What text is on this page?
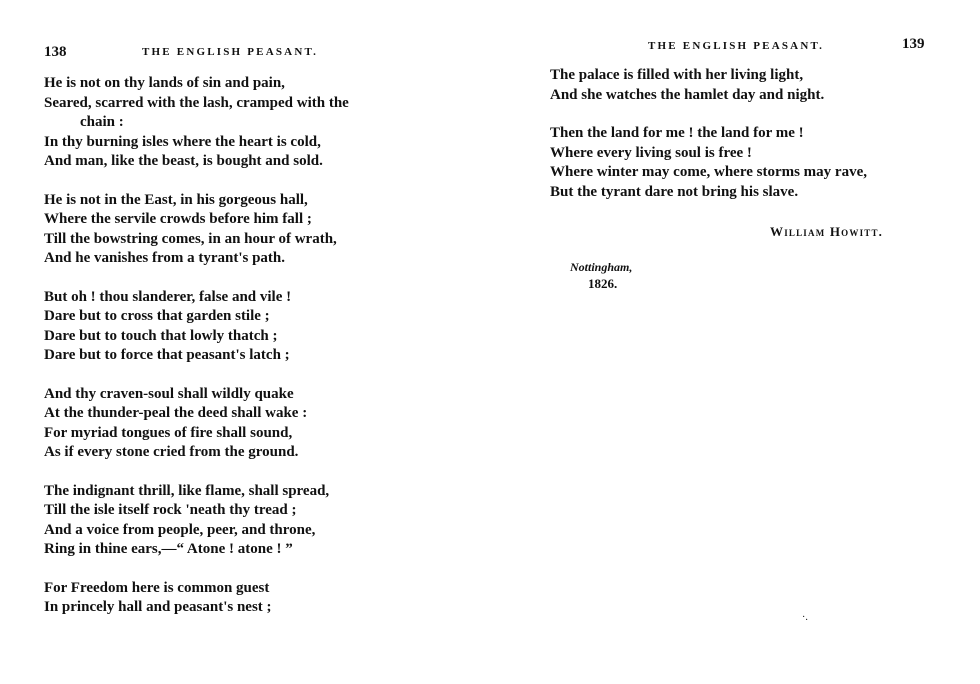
138	THE ENGLISH PEASANT.
He is not on thy lands of sin and pain,
Seared, scarred with the lash, cramped with the
chain :
In thy burning isles where the heart is cold,
And man, like the beast, is bought and sold.
He is not in the East, in his gorgeous hall,
Where the servile crowds before him fall ;
Till the bowstring comes, in an hour of wrath,
And he vanishes from a tyrant's path.
But oh ! thou slanderer, false and vile !
Dare but to cross that garden stile ;
Dare but to touch that lowly thatch ;
Dare but to force that peasant's latch ;
And thy craven-soul shall wildly quake
At the thunder-peal the deed shall wake :
For myriad tongues of fire shall sound,
As if every stone cried from the ground.
The indignant thrill, like flame, shall spread,
Till the isle itself rock 'neath thy tread ;
And a voice from people, peer, and throne,
Ring in thine ears,—“ Atone ! atone ! ”
For Freedom here is common guest
In princely hall and peasant's nest ;
THE ENGLISH PEASANT.	139
The palace is filled with her living light,
And she watches the hamlet day and night.
Then the land for me ! the land for me !
Where every living soul is free !
Where winter may come, where storms may rave,
But the tyrant dare not bring his slave.
William Howitt.
Nottingham,
1826.
·.
